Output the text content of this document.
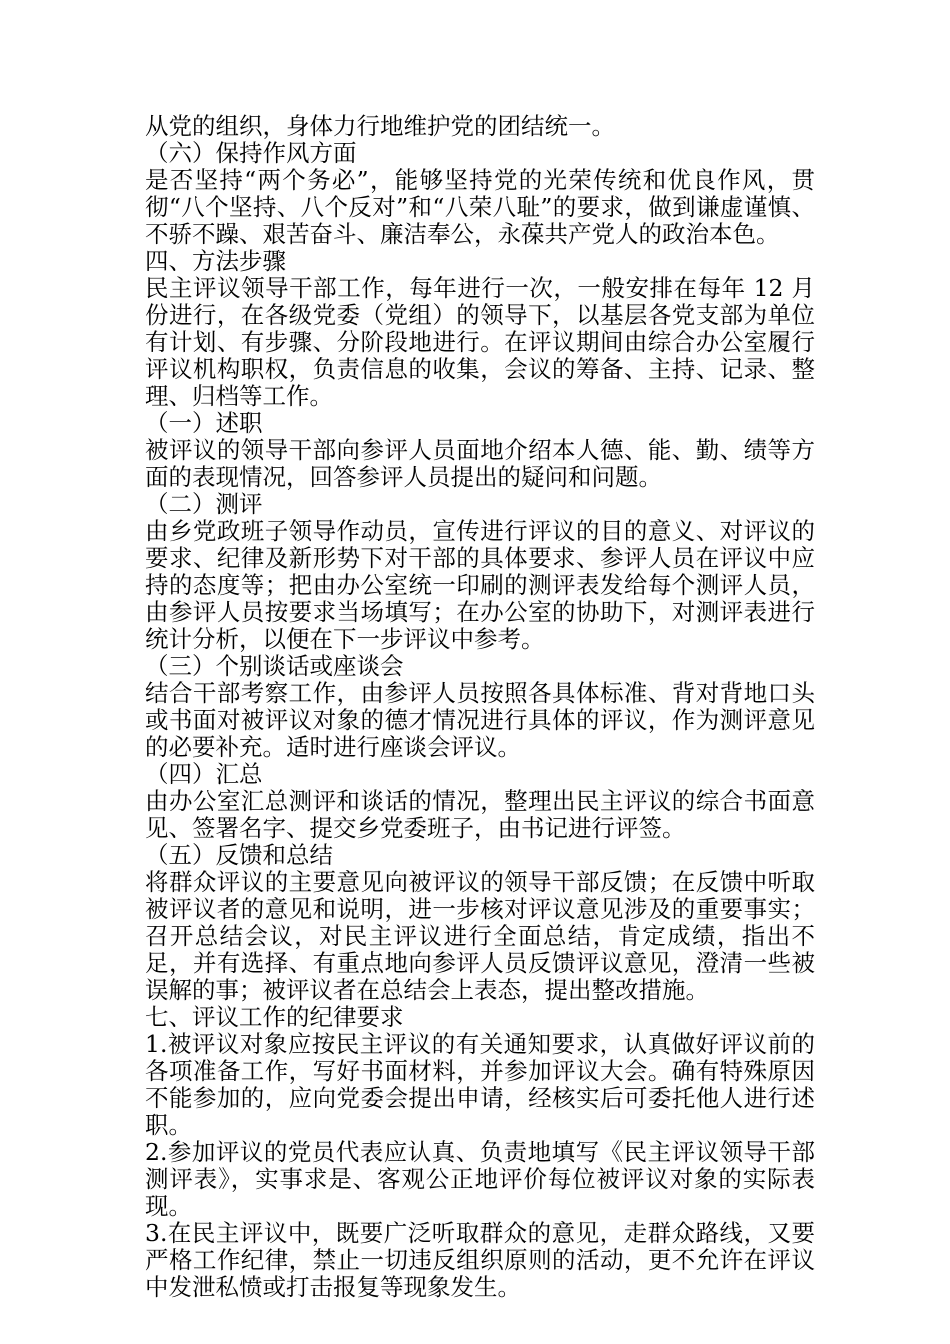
从党的组织，身体力行地维护党的团结统一。

（六）保持作风方面

是否坚持“两个务必”，能够坚持党的光荣传统和优良作风，贯彻“八个坚持、八个反对”和“八荣八耻”的要求，做到谦虚谨慎、不骄不躁、艰苦奋斗、廉洁奉公，永葆共产党人的政治本色。

四、方法步骤

民主评议领导干部工作，每年进行一次，一般安排在每年 12 月份进行，在各级党委（党组）的领导下，以基层各党支部为单位有计划、有步骤、分阶段地进行。在评议期间由综合办公室履行评议机构职权，负责信息的收集，会议的筹备、主持、记录、整理、归档等工作。

（一）述职

被评议的领导干部向参评人员面地介绍本人德、能、勤、绩等方面的表现情况，回答参评人员提出的疑问和问题。

（二）测评

由乡党政班子领导作动员，宣传进行评议的目的意义、对评议的要求、纪律及新形势下对干部的具体要求、参评人员在评议中应持的态度等；把由办公室统一印刷的测评表发给每个测评人员，由参评人员按要求当场填写；在办公室的协助下，对测评表进行统计分析，以便在下一步评议中参考。

（三）个别谈话或座谈会

结合干部考察工作，由参评人员按照各具体标准、背对背地口头或书面对被评议对象的德才情况进行具体的评议，作为测评意见的必要补充。适时进行座谈会评议。

（四）汇总

由办公室汇总测评和谈话的情况，整理出民主评议的综合书面意见、签署名字、提交乡党委班子，由书记进行评签。

（五）反馈和总结

将群众评议的主要意见向被评议的领导干部反馈；在反馈中听取被评议者的意见和说明，进一步核对评议意见涉及的重要事实；召开总结会议，对民主评议进行全面总结，肯定成绩，指出不足，并有选择、有重点地向参评人员反馈评议意见，澄清一些被误解的事；被评议者在总结会上表态，提出整改措施。

七、评议工作的纪律要求

1.被评议对象应按民主评议的有关通知要求，认真做好评议前的各项准备工作，写好书面材料，并参加评议大会。确有特殊原因不能参加的，应向党委会提出申请，经核实后可委托他人进行述职。

2.参加评议的党员代表应认真、负责地填写《民主评议领导干部测评表》，实事求是、客观公正地评价每位被评议对象的实际表现。

3.在民主评议中，既要广泛听取群众的意见，走群众路线，又要严格工作纪律，禁止一切违反组织原则的活动，更不允许在评议中发泄私愤或打击报复等现象发生。
